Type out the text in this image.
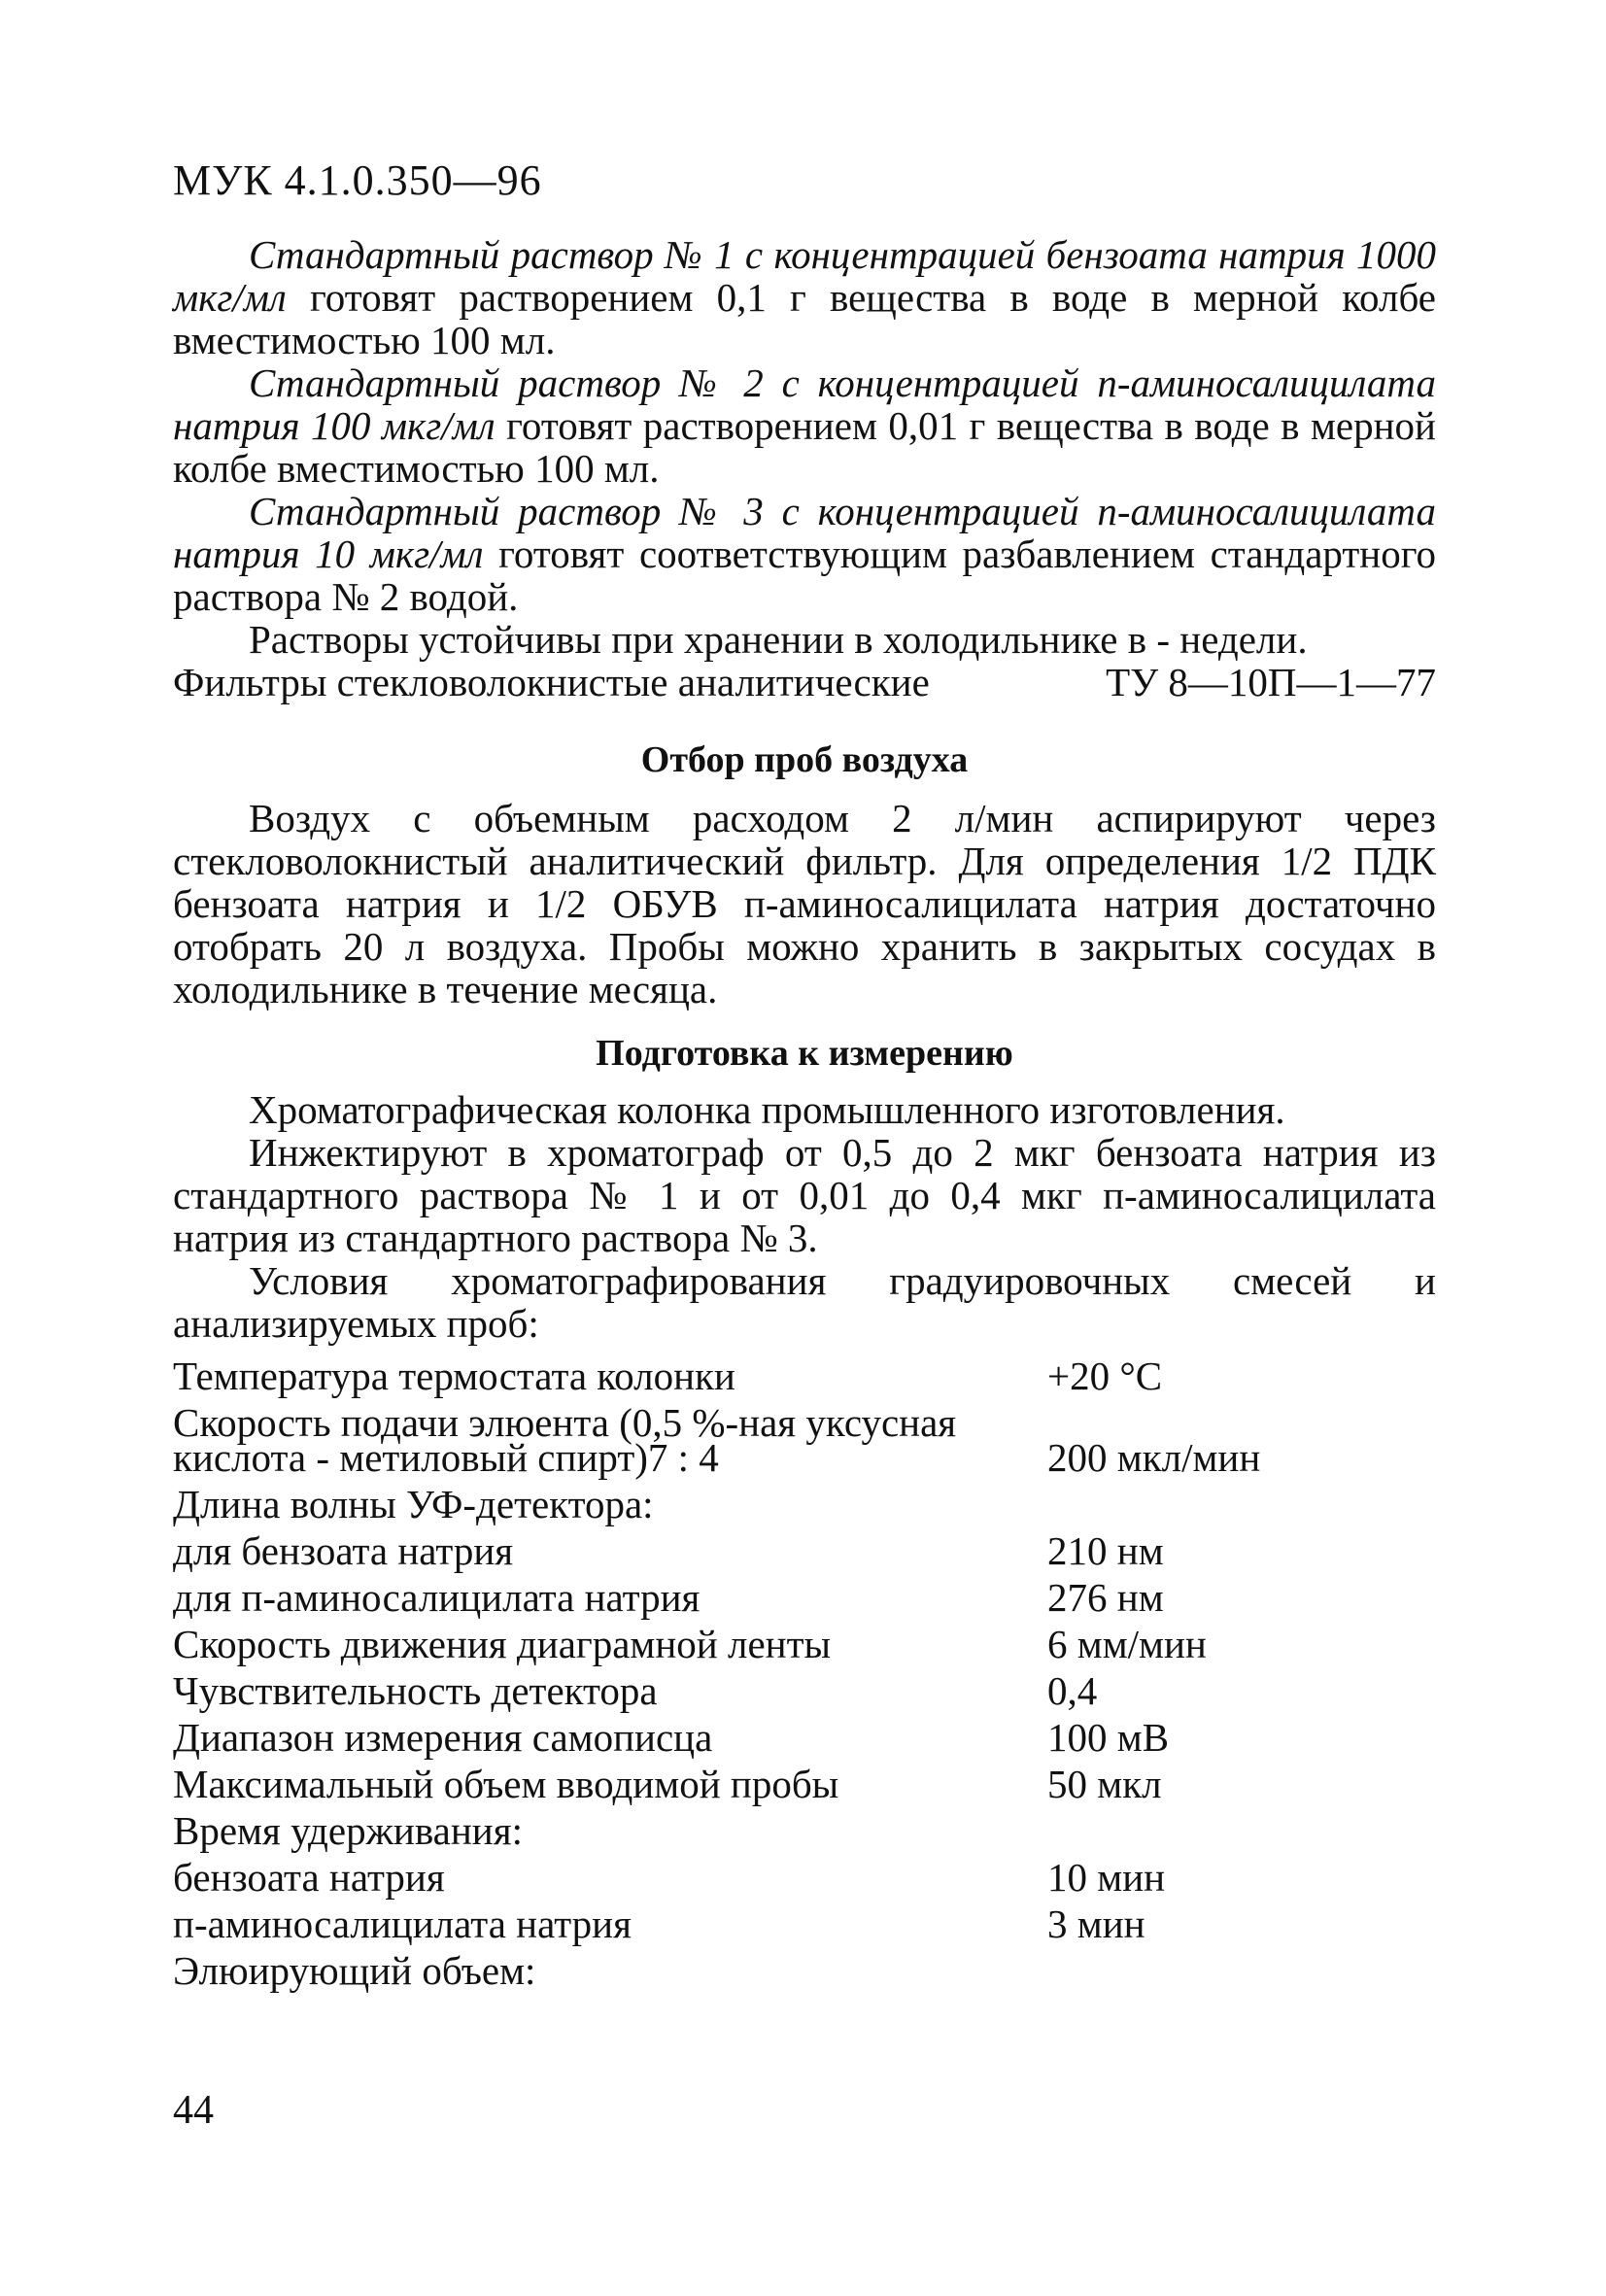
МУК 4.1.0.350—96

Стандартный раствор № 1 с концентрацией бензоата натрия 1000 мкг/мл готовят растворением 0,1 г вещества в воде в мерной колбе вместимостью 100 мл.

Стандартный раствор № 2 с концентрацией п-аминосалицилата натрия 100 мкг/мл готовят растворением 0,01 г вещества в воде в мерной колбе вместимостью 100 мл.

Стандартный раствор № 3 с концентрацией п-аминосалицилата натрия 10 мкг/мл готовят соответствующим разбавлением стандартного раствора № 2 водой.

Растворы устойчивы при хранении в холодильнике в - недели.

Фильтры стекловолокнистые аналитические	ТУ 8—10П—1—77

Отбор проб воздуха

Воздух с объемным расходом 2 л/мин аспирируют через стекловолокнистый аналитический фильтр. Для определения 1/2 ПДК бензоата натрия и 1/2 ОБУВ п-аминосалицилата натрия достаточно отобрать 20 л воздуха. Пробы можно хранить в закрытых сосудах в холодильнике в течение месяца.

Подготовка к измерению

Хроматографическая колонка промышленного изготовления.

Инжектируют в хроматограф от 0,5 до 2 мкг бензоата натрия из стандартного раствора № 1 и от 0,01 до 0,4 мкг п-аминосалицилата натрия из стандартного раствора № 3.

Условия хроматографирования градуировочных смесей и анализируемых проб:

Температура термостата колонки	+20 °С
Скорость подачи элюента (0,5 %-ная уксусная кислота - метиловый спирт)7 : 4	200 мкл/мин
Длина волны УФ-детектора:
для бензоата натрия	210 нм
для п-аминосалицилата натрия	276 нм
Скорость движения диаграмной ленты	6 мм/мин
Чувствительность детектора	0,4
Диапазон измерения самописца	100 мВ
Максимальный объем вводимой пробы	50 мкл
Время удерживания:
бензоата натрия	10 мин
п-аминосалицилата натрия	3 мин
Элюирующий объем:
44
